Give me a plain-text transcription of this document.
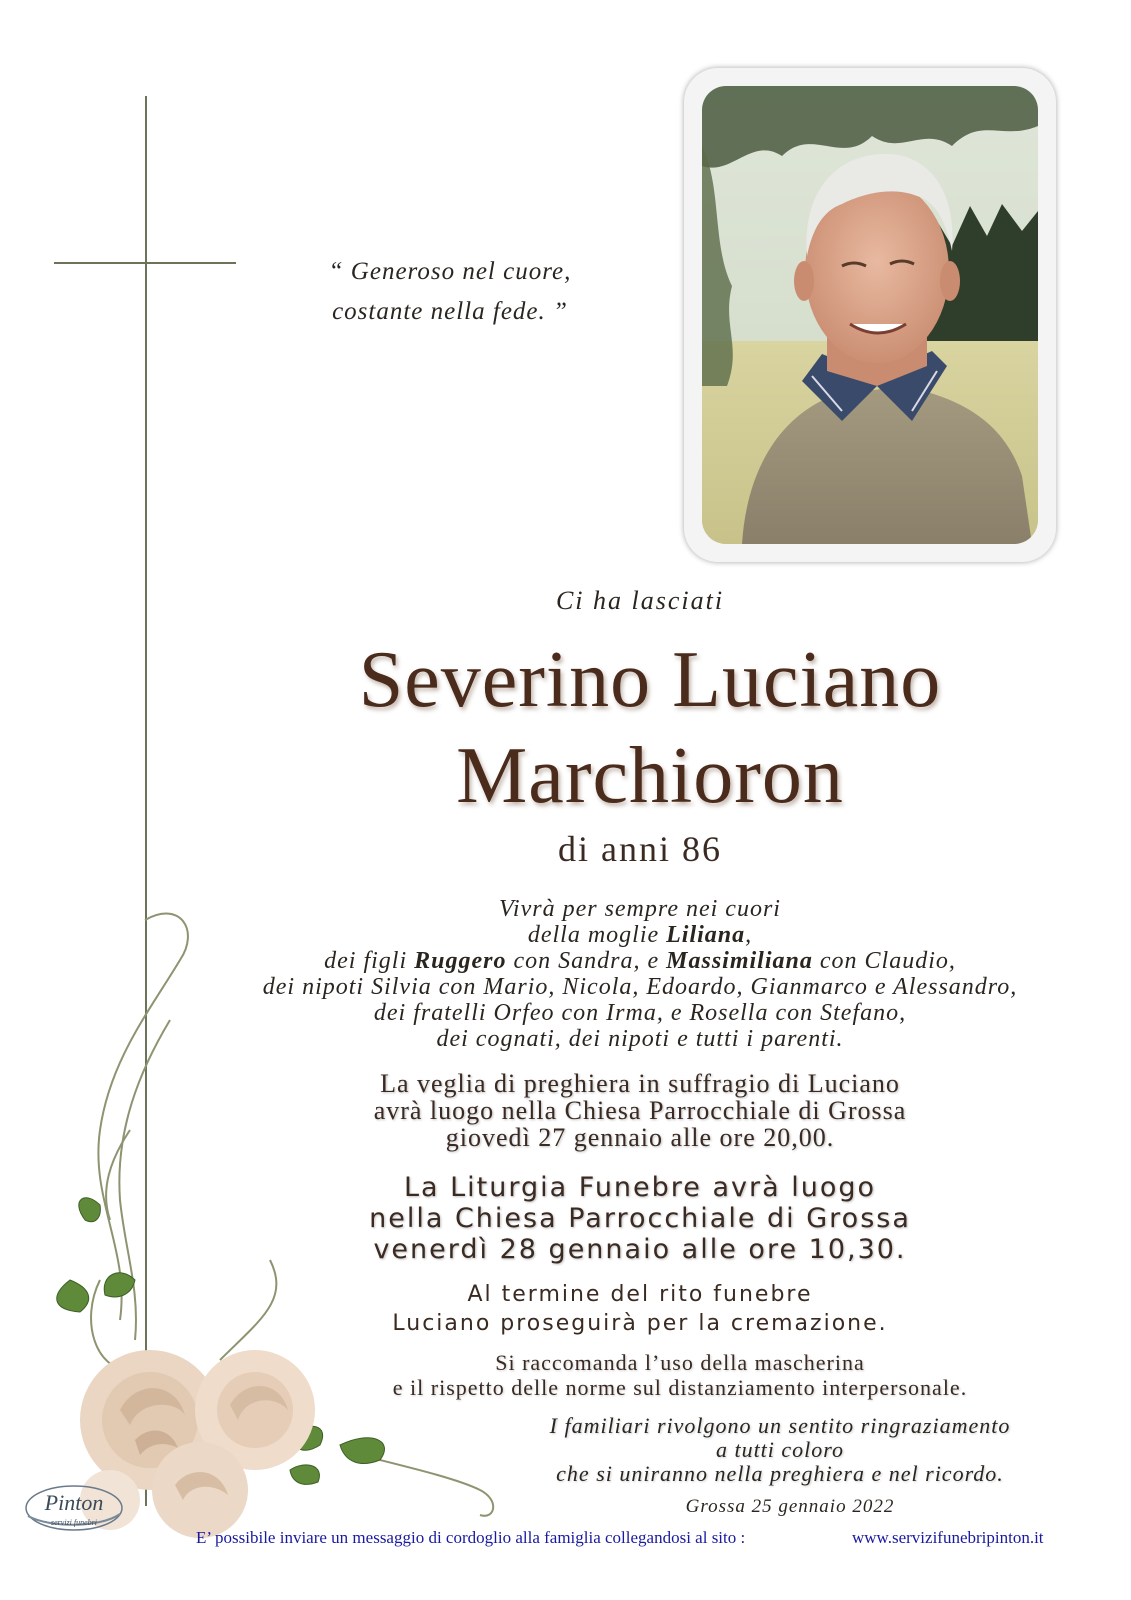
“ Generoso nel cuore,
costante nella fede. ”
Ci ha lasciati
Severino Luciano
Marchioron
di anni 86
Vivrà per sempre nei cuori
della moglie Liliana,
dei figli Ruggero con Sandra, e Massimiliana con Claudio,
dei nipoti Silvia con Mario, Nicola, Edoardo, Gianmarco e Alessandro,
dei fratelli Orfeo con Irma, e Rosella con Stefano,
dei cognati, dei nipoti e tutti i parenti.
La veglia di preghiera in suffragio di Luciano
avrà luogo nella Chiesa Parrocchiale di Grossa
giovedì 27 gennaio alle ore 20,00.
La Liturgia Funebre avrà luogo
nella Chiesa Parrocchiale di Grossa
venerdì 28 gennaio alle ore 10,30.
Al termine del rito funebre
Luciano proseguirà per la cremazione.
Si raccomanda l’uso della mascherina
e il rispetto delle norme sul distanziamento interpersonale.
I familiari rivolgono un sentito ringraziamento
a tutti coloro
che si uniranno nella preghiera e nel ricordo.
Grossa 25 gennaio 2022
Pinton
servizi funebri
E’ possibile inviare un messaggio di cordoglio alla famiglia collegandosi al sito :	www.servizifunebripinton.it
